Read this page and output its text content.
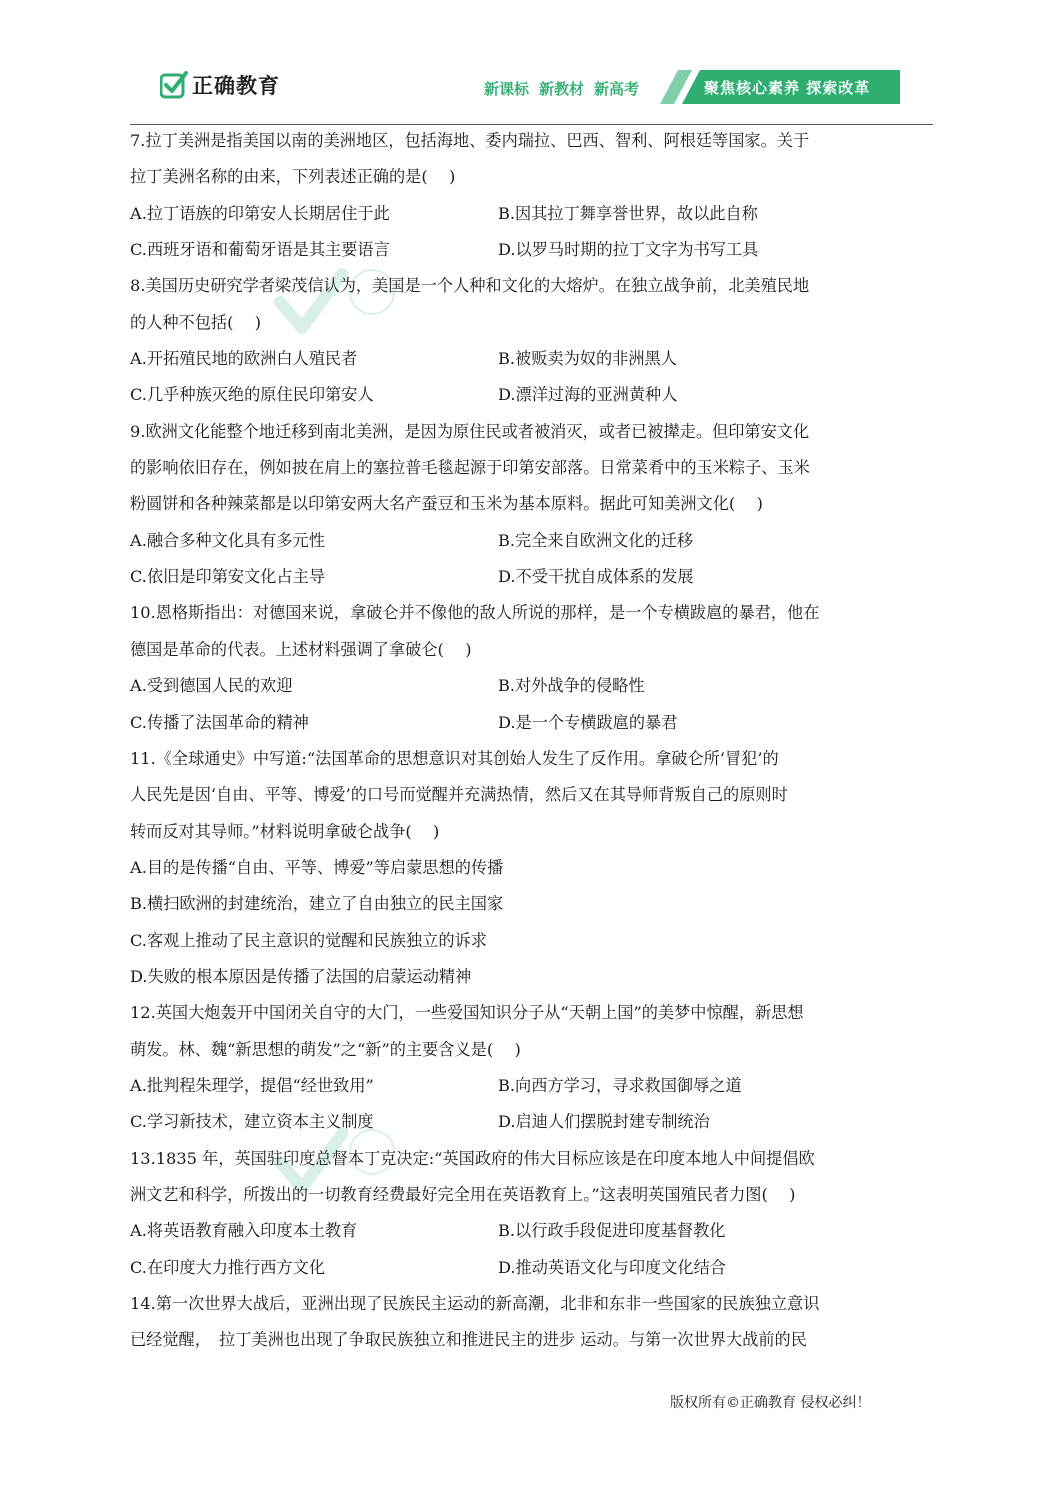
正确教育	新课标 新教材 新高考	聚焦核心素养 探索改革
7.拉丁美洲是指美国以南的美洲地区，包括海地、委内瑞拉、巴西、智利、阿根廷等国家。关于
拉丁美洲名称的由来，下列表述正确的是(　 )
A.拉丁语族的印第安人长期居住于此	B.因其拉丁舞享誉世界，故以此自称
C.西班牙语和葡萄牙语是其主要语言	D.以罗马时期的拉丁文字为书写工具
8.美国历史研究学者梁茂信认为，美国是一个人种和文化的大熔炉。在独立战争前，北美殖民地
的人种不包括(　 )
A.开拓殖民地的欧洲白人殖民者	B.被贩卖为奴的非洲黑人
C.几乎种族灭绝的原住民印第安人	D.漂洋过海的亚洲黄种人
9.欧洲文化能整个地迁移到南北美洲，是因为原住民或者被消灭，或者已被撵走。但印第安文化
的影响依旧存在，例如披在肩上的塞拉普毛毯起源于印第安部落。日常菜肴中的玉米粽子、玉米
粉圆饼和各种辣菜都是以印第安两大名产蚕豆和玉米为基本原料。据此可知美洲文化(　 )
A.融合多种文化具有多元性	B.完全来自欧洲文化的迁移
C.依旧是印第安文化占主导	D.不受干扰自成体系的发展
10.恩格斯指出：对德国来说，拿破仑并不像他的敌人所说的那样，是一个专横跋扈的暴君，他在
德国是革命的代表。上述材料强调了拿破仑(　 )
A.受到德国人民的欢迎	B.对外战争的侵略性
C.传播了法国革命的精神	D.是一个专横跋扈的暴君
11.《全球通史》中写道:“法国革命的思想意识对其创始人发生了反作用。拿破仑所‘冒犯’的
人民先是因‘自由、平等、博爱’的口号而觉醒并充满热情，然后又在其导师背叛自己的原则时
转而反对其导师。”材料说明拿破仑战争(　 )
A.目的是传播“自由、平等、博爱”等启蒙思想的传播
B.横扫欧洲的封建统治，建立了自由独立的民主国家
C.客观上推动了民主意识的觉醒和民族独立的诉求
D.失败的根本原因是传播了法国的启蒙运动精神
12.英国大炮轰开中国闭关自守的大门，一些爱国知识分子从“天朝上国”的美梦中惊醒，新思想
萌发。林、魏“新思想的萌发”之“新”的主要含义是(　 )
A.批判程朱理学，提倡“经世致用”	B.向西方学习，寻求救国御辱之道
C.学习新技术，建立资本主义制度	D.启迪人们摆脱封建专制统治
13.1835 年，英国驻印度总督本丁克决定:“英国政府的伟大目标应该是在印度本地人中间提倡欧
洲文艺和科学，所拨出的一切教育经费最好完全用在英语教育上。”这表明英国殖民者力图(　 )
A.将英语教育融入印度本土教育	B.以行政手段促进印度基督教化
C.在印度大力推行西方文化	D.推动英语文化与印度文化结合
14.第一次世界大战后，亚洲出现了民族民主运动的新高潮，北非和东非一些国家的民族独立意识
已经觉醒，　拉丁美洲也出现了争取民族独立和推进民主的进步 运动。与第一次世界大战前的民
版权所有©正确教育 侵权必纠！
